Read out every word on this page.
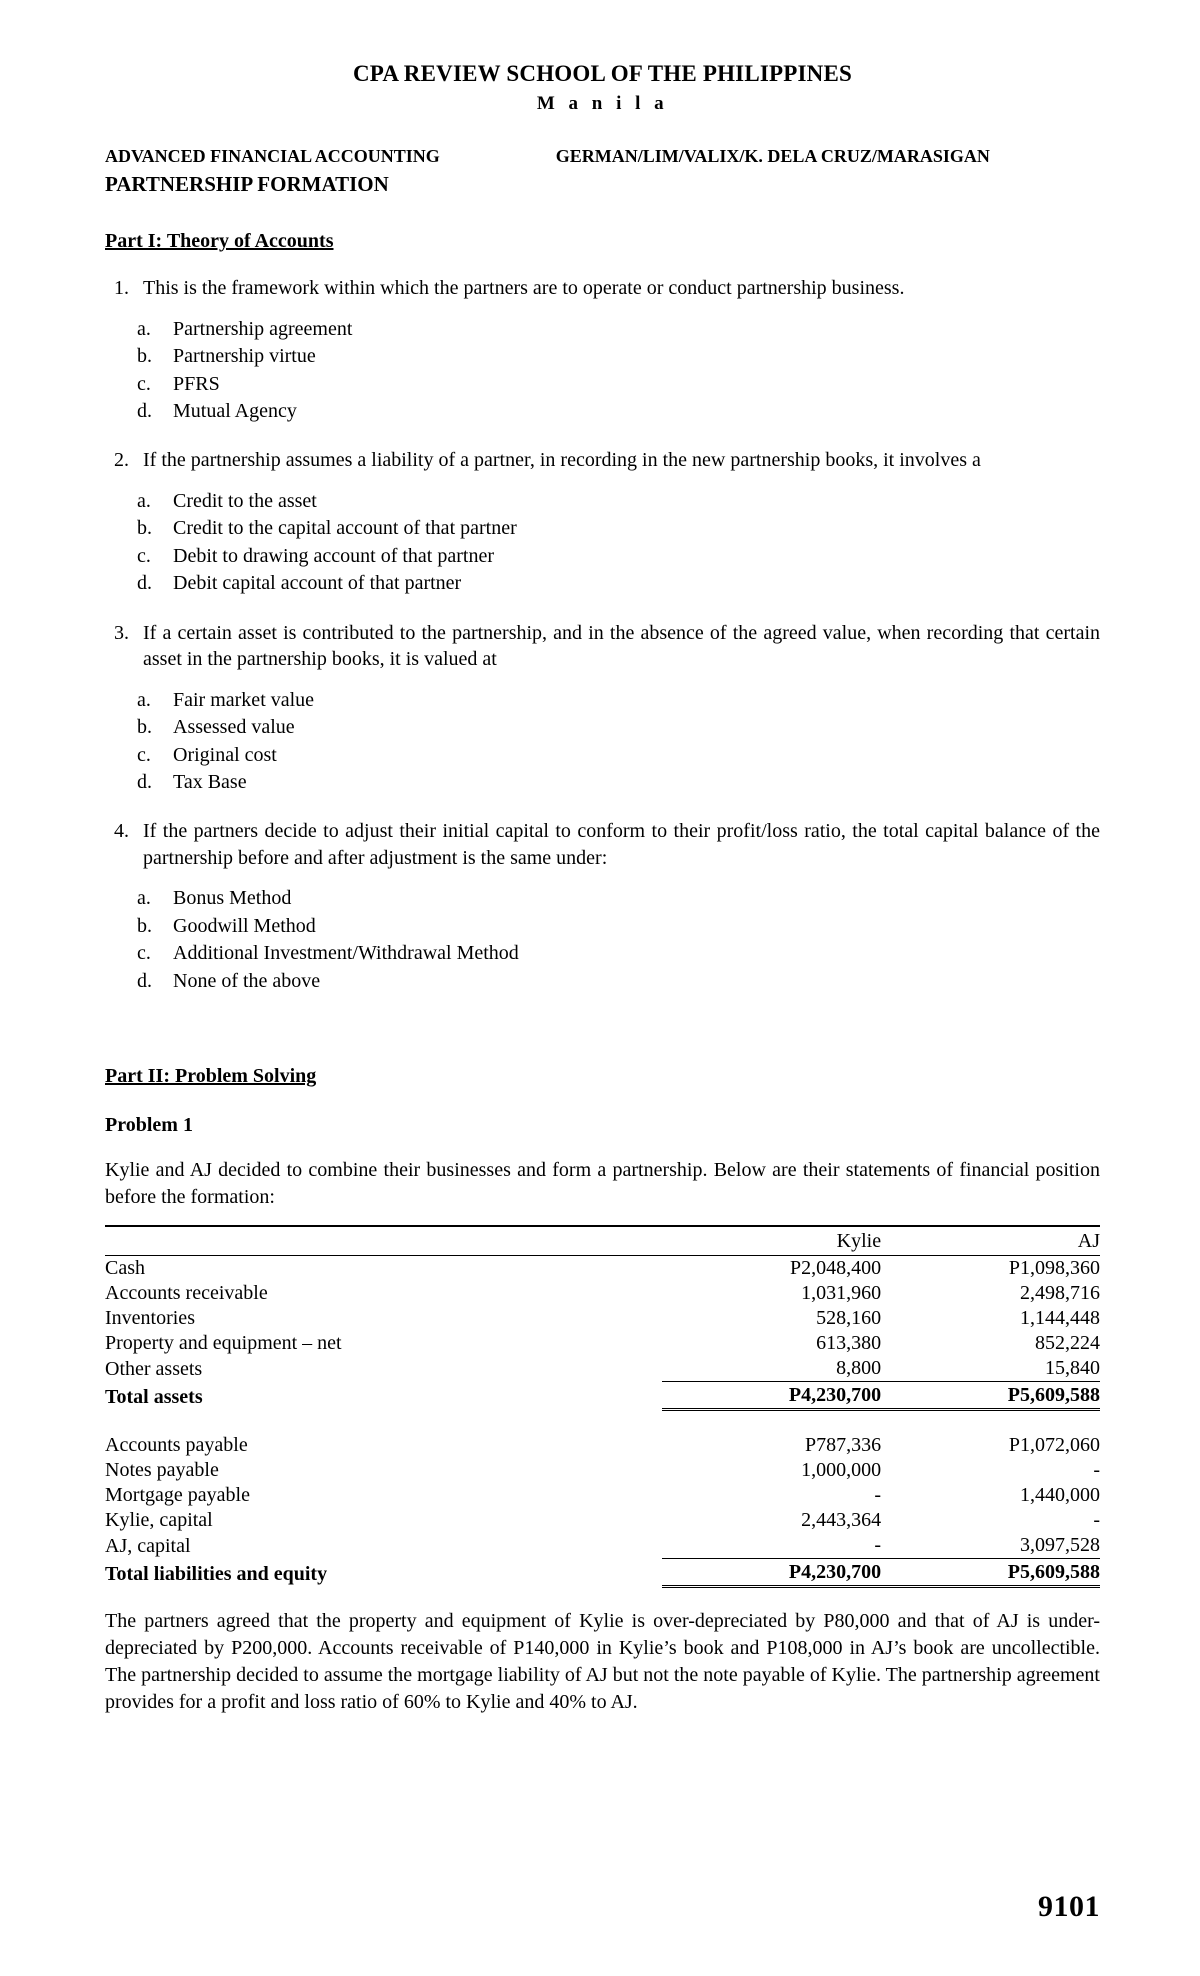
CPA REVIEW SCHOOL OF THE PHILIPPINES
M a n i l a
ADVANCED FINANCIAL ACCOUNTING	GERMAN/LIM/VALIX/K. DELA CRUZ/MARASIGAN
PARTNERSHIP FORMATION
Part I: Theory of Accounts
1. This is the framework within which the partners are to operate or conduct partnership business.
a.	Partnership agreement
b.	Partnership virtue
c.	PFRS
d.	Mutual Agency
2. If the partnership assumes a liability of a partner, in recording in the new partnership books, it involves a
a.	Credit to the asset
b.	Credit to the capital account of that partner
c.	Debit to drawing account of that partner
d.	Debit capital account of that partner
3. If a certain asset is contributed to the partnership, and in the absence of the agreed value, when recording that certain asset in the partnership books, it is valued at
a.	Fair market value
b.	Assessed value
c.	Original cost
d.	Tax Base
4. If the partners decide to adjust their initial capital to conform to their profit/loss ratio, the total capital balance of the partnership before and after adjustment is the same under:
a.	Bonus Method
b.	Goodwill Method
c.	Additional Investment/Withdrawal Method
d.	None of the above
Part II: Problem Solving
Problem 1
Kylie and AJ decided to combine their businesses and form a partnership. Below are their statements of financial position before the formation:
	Kylie	AJ
Cash	P2,048,400	P1,098,360
Accounts receivable	1,031,960	2,498,716
Inventories	528,160	1,144,448
Property and equipment – net	613,380	852,224
Other assets	8,800	15,840
Total assets	P4,230,700	P5,609,588

Accounts payable	P787,336	P1,072,060
Notes payable	1,000,000	-
Mortgage payable	-	1,440,000
Kylie, capital	2,443,364	-
AJ, capital	-	3,097,528
Total liabilities and equity	P4,230,700	P5,609,588
The partners agreed that the property and equipment of Kylie is over-depreciated by P80,000 and that of AJ is under-depreciated by P200,000. Accounts receivable of P140,000 in Kylie’s book and P108,000 in AJ’s book are uncollectible. The partnership decided to assume the mortgage liability of AJ but not the note payable of Kylie. The partnership agreement provides for a profit and loss ratio of 60% to Kylie and 40% to AJ.
9101
